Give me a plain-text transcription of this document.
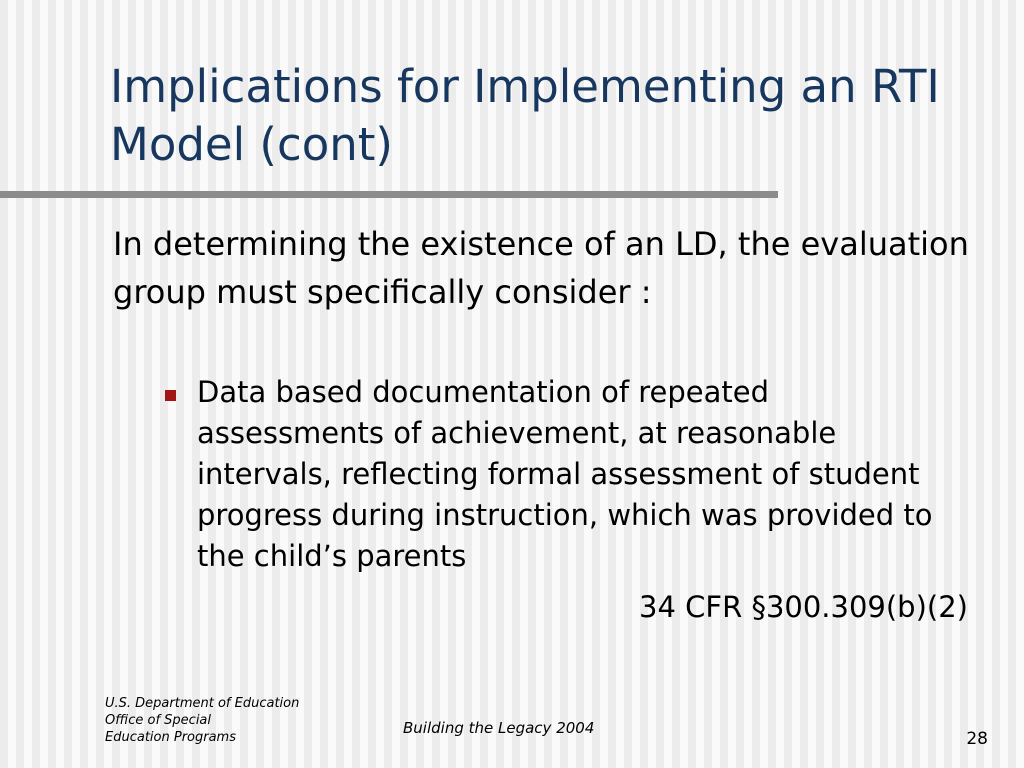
Implications for Implementing an RTI Model (cont)

In determining the existence of an LD, the evaluation group must specifically consider :

Data based documentation of repeated assessments of achievement, at reasonable intervals, reflecting formal assessment of student progress during instruction, which was provided to the child’s parents

34 CFR §300.309(b)(2)

U.S. Department of Education
Office of Special
Education Programs
Building the Legacy 2004
28
